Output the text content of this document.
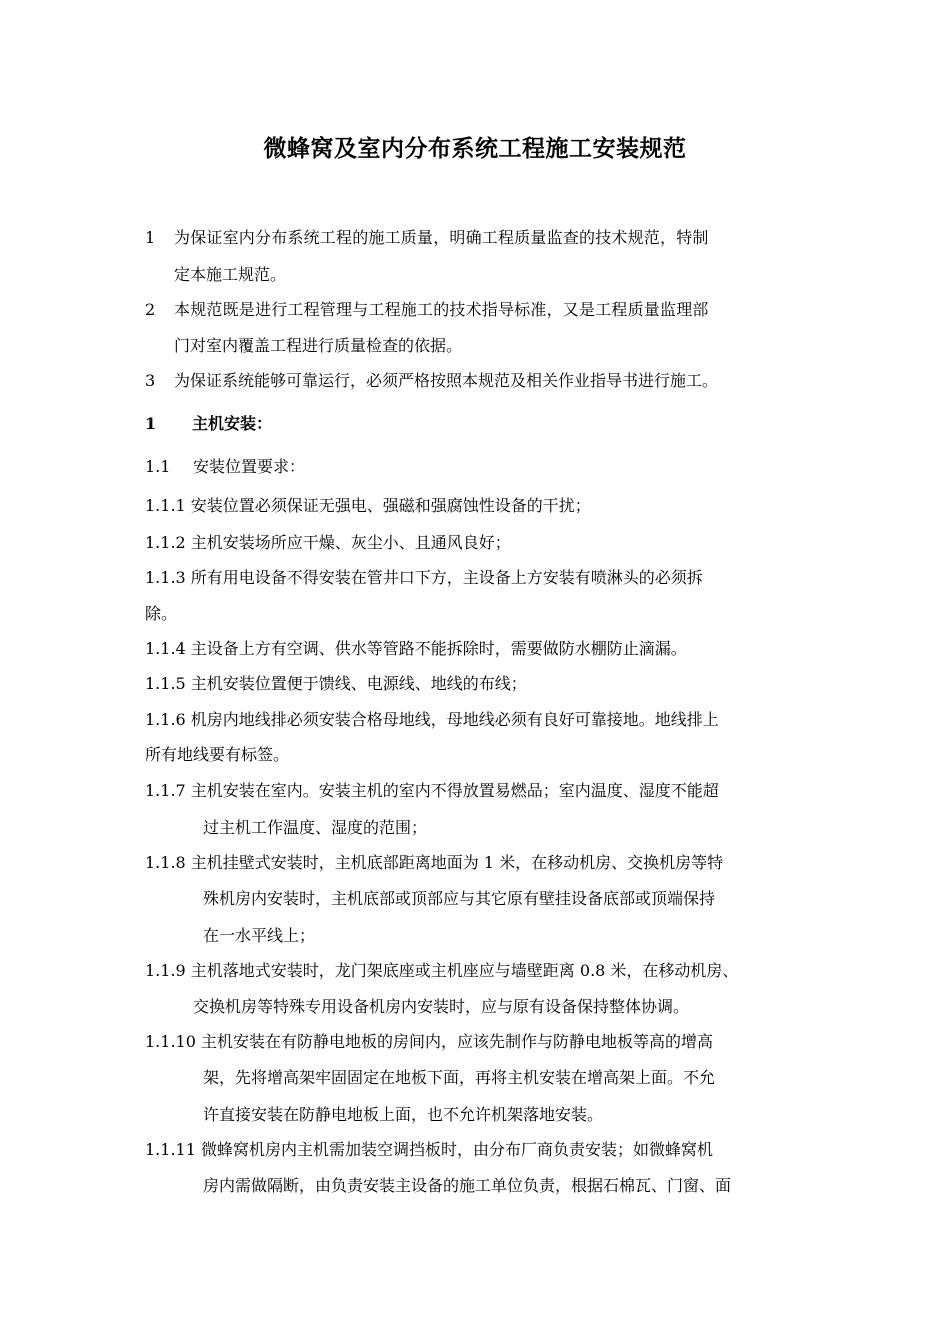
微蜂窝及室内分布系统工程施工安装规范
1 为保证室内分布系统工程的施工质量，明确工程质量监查的技术规范，特制
定本施工规范。
2 本规范既是进行工程管理与工程施工的技术指导标准，又是工程质量监理部
门对室内覆盖工程进行质量检查的依据。
3 为保证系统能够可靠运行，必须严格按照本规范及相关作业指导书进行施工。
1 主机安装：
1.1 安装位置要求：
1.1.1 安装位置必须保证无强电、强磁和强腐蚀性设备的干扰；
1.1.2 主机安装场所应干燥、灰尘小、且通风良好；
1.1.3 所有用电设备不得安装在管井口下方，主设备上方安装有喷淋头的必须拆
除。
1.1.4 主设备上方有空调、供水等管路不能拆除时，需要做防水棚防止滴漏。
1.1.5 主机安装位置便于馈线、电源线、地线的布线；
1.1.6 机房内地线排必须安装合格母地线，母地线必须有良好可靠接地。地线排上
所有地线要有标签。
1.1.7 主机安装在室内。安装主机的室内不得放置易燃品；室内温度、湿度不能超
过主机工作温度、湿度的范围；
1.1.8 主机挂壁式安装时，主机底部距离地面为 1 米，在移动机房、交换机房等特
殊机房内安装时，主机底部或顶部应与其它原有壁挂设备底部或顶端保持
在一水平线上；
1.1.9 主机落地式安装时，龙门架底座或主机座应与墙壁距离 0.8 米，在移动机房、
交换机房等特殊专用设备机房内安装时，应与原有设备保持整体协调。
1.1.10 主机安装在有防静电地板的房间内，应该先制作与防静电地板等高的增高
架，先将增高架牢固固定在地板下面，再将主机安装在增高架上面。不允
许直接安装在防静电地板上面，也不允许机架落地安装。
1.1.11 微蜂窝机房内主机需加装空调挡板时，由分布厂商负责安装；如微蜂窝机
房内需做隔断，由负责安装主设备的施工单位负责，根据石棉瓦、门窗、面
